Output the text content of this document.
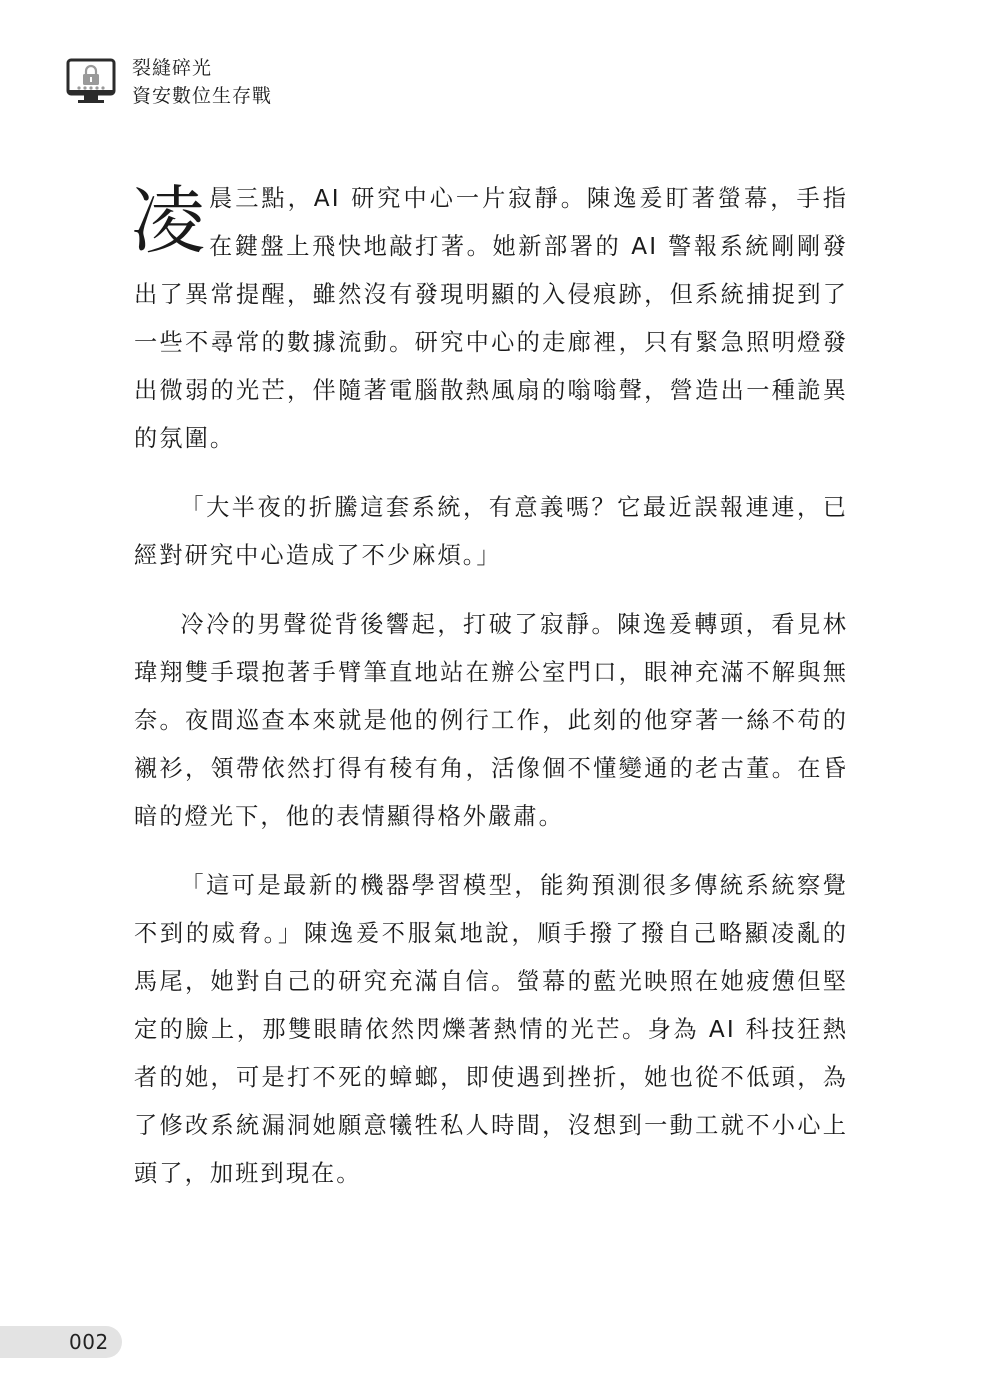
裂縫碎光
資安數位生存戰

凌晨三點，AI 研究中心一片寂靜。陳逸爰盯著螢幕，手指在鍵盤上飛快地敲打著。她新部署的 AI 警報系統剛剛發出了異常提醒，雖然沒有發現明顯的入侵痕跡，但系統捕捉到了一些不尋常的數據流動。研究中心的走廊裡，只有緊急照明燈發出微弱的光芒，伴隨著電腦散熱風扇的嗡嗡聲，營造出一種詭異的氛圍。

「大半夜的折騰這套系統，有意義嗎？它最近誤報連連，已經對研究中心造成了不少麻煩。」

冷冷的男聲從背後響起，打破了寂靜。陳逸爰轉頭，看見林瑋翔雙手環抱著手臂筆直地站在辦公室門口，眼神充滿不解與無奈。夜間巡查本來就是他的例行工作，此刻的他穿著一絲不苟的襯衫，領帶依然打得有稜有角，活像個不懂變通的老古董。在昏暗的燈光下，他的表情顯得格外嚴肅。

「這可是最新的機器學習模型，能夠預測很多傳統系統察覺不到的威脅。」陳逸爰不服氣地說，順手撥了撥自己略顯凌亂的馬尾，她對自己的研究充滿自信。螢幕的藍光映照在她疲憊但堅定的臉上，那雙眼睛依然閃爍著熱情的光芒。身為 AI 科技狂熱者的她，可是打不死的蟑螂，即使遇到挫折，她也從不低頭，為了修改系統漏洞她願意犧牲私人時間，沒想到一動工就不小心上頭了，加班到現在。

002
